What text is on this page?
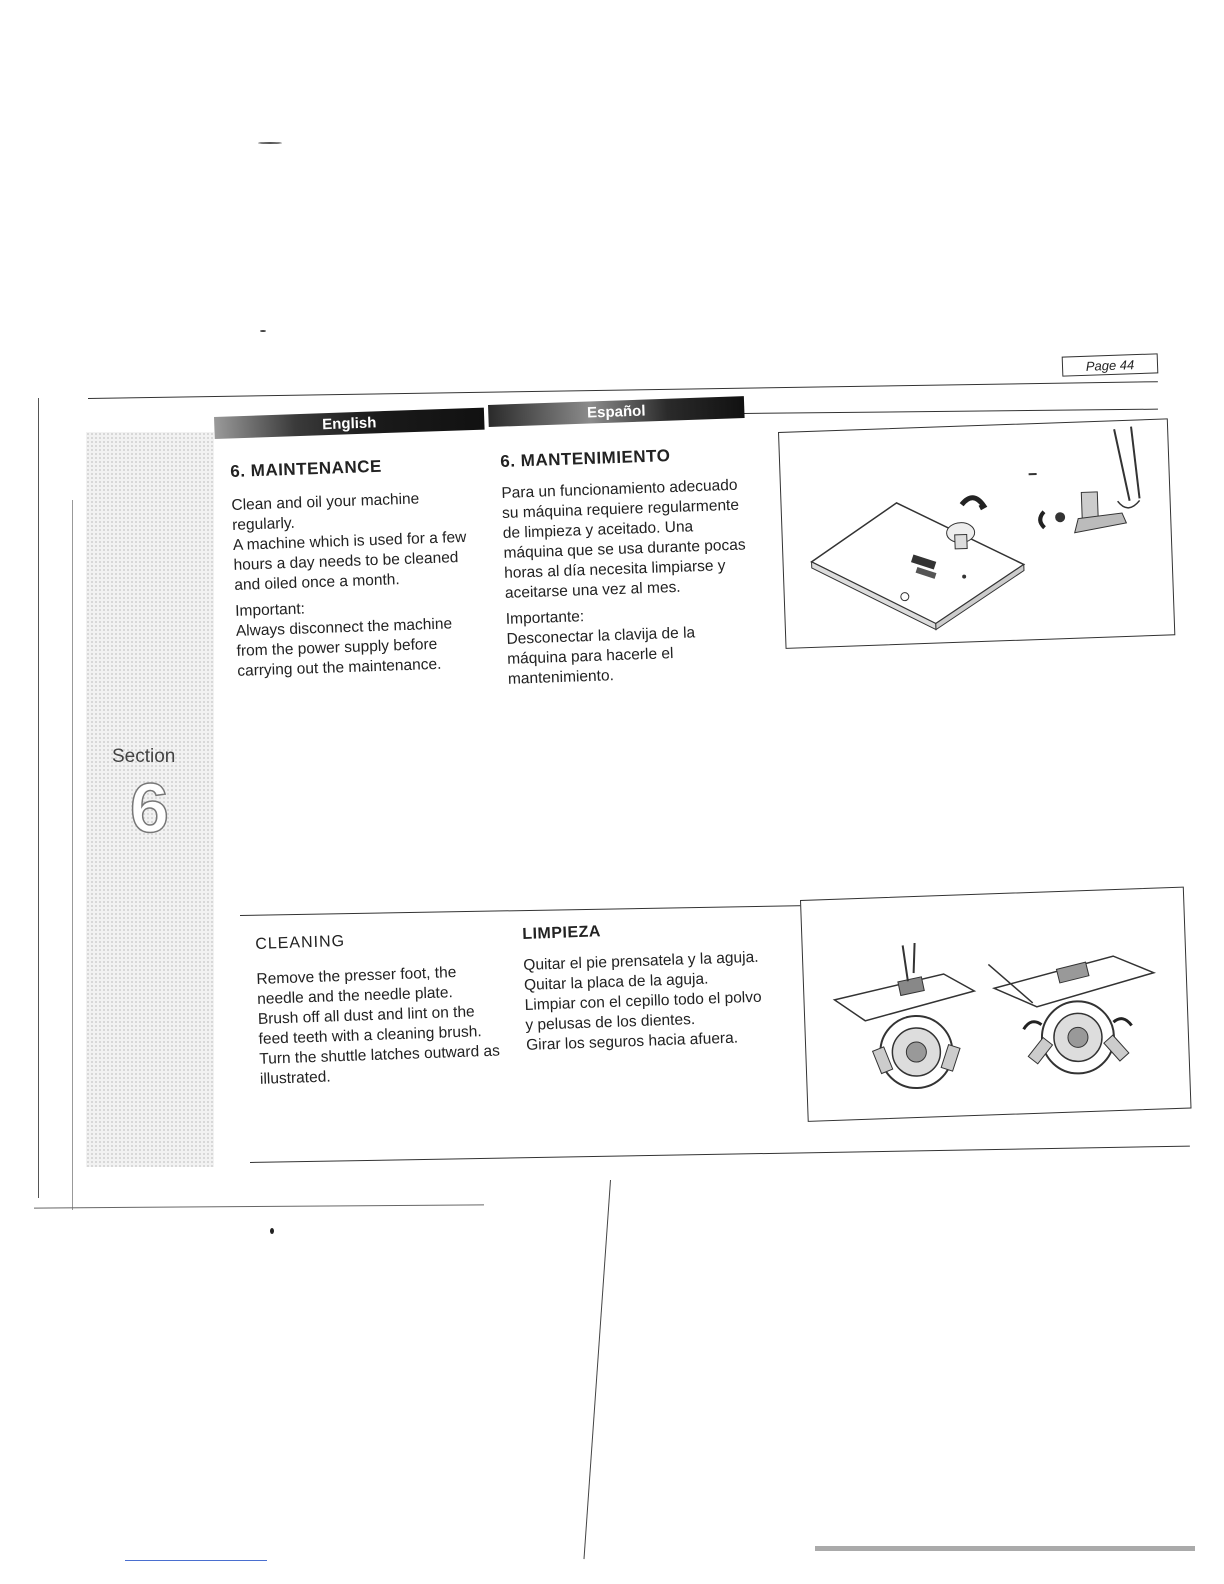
Page 44
Section
6
English
Español
6. MAINTENANCE

Clean and oil your machine regularly.

A machine which is used for a few hours a day needs to be cleaned and oiled once a month.

Important:

Always disconnect the machine from the power supply before carrying out the maintenance.

6. MANTENIMIENTO

Para un funcionamiento adecuado su máquina requiere regularmente de limpieza y aceitado. Una máquina que se usa durante pocas horas al día necesita limpiarse y aceitarse una vez al mes.

Importante:

Desconectar la clavija de la máquina para hacerle el mantenimiento.

CLEANING

Remove the presser foot, the needle and the needle plate.

Brush off all dust and lint on the feed teeth with a cleaning brush.

Turn the shuttle latches outward as illustrated.

LIMPIEZA

Quitar el pie prensatela y la aguja.

Quitar la placa de la aguja.

Limpiar con el cepillo todo el polvo y pelusas de los dientes.

Girar los seguros hacia afuera.
